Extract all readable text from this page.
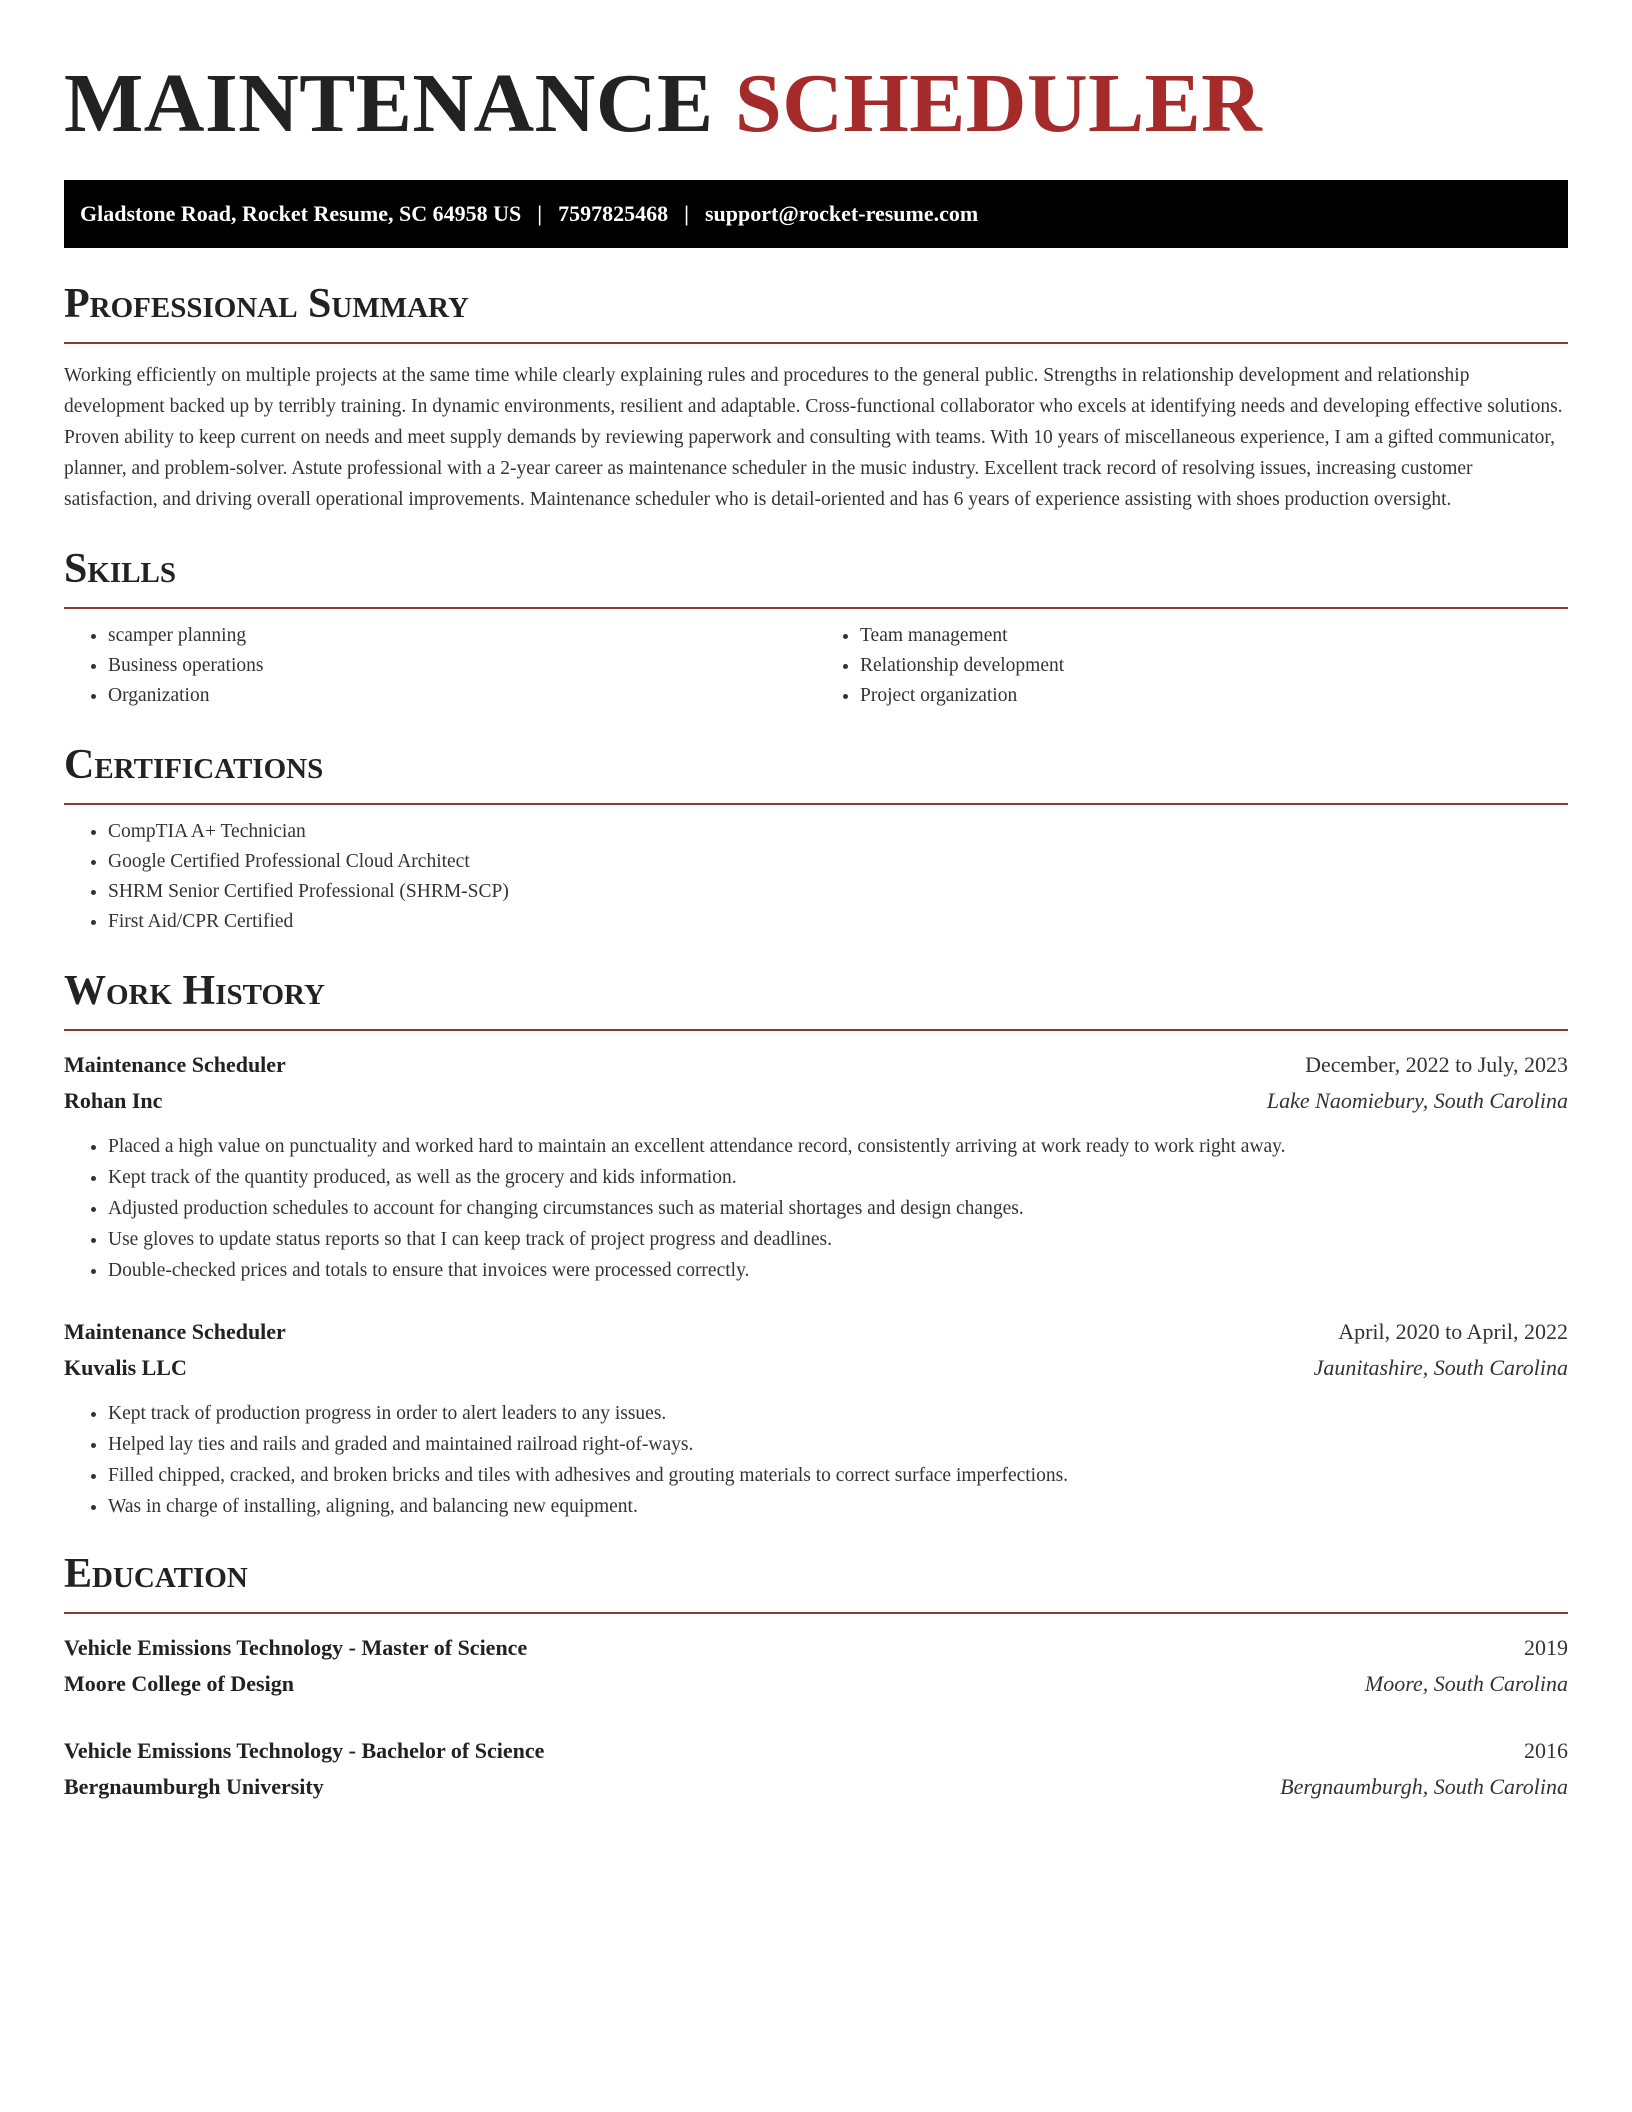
MAINTENANCE SCHEDULER
Gladstone Road, Rocket Resume, SC 64958 US | 7597825468 | support@rocket-resume.com
Professional Summary

Working efficiently on multiple projects at the same time while clearly explaining rules and procedures to the general public. Strengths in relationship development and relationship development backed up by terribly training. In dynamic environments, resilient and adaptable. Cross-functional collaborator who excels at identifying needs and developing effective solutions. Proven ability to keep current on needs and meet supply demands by reviewing paperwork and consulting with teams. With 10 years of miscellaneous experience, I am a gifted communicator, planner, and problem-solver. Astute professional with a 2-year career as maintenance scheduler in the music industry. Excellent track record of resolving issues, increasing customer satisfaction, and driving overall operational improvements. Maintenance scheduler who is detail-oriented and has 6 years of experience assisting with shoes production oversight.

Skills
• scamper planning
• Business operations
• Organization
• Team management
• Relationship development
• Project organization
Certifications
• CompTIA A+ Technician
• Google Certified Professional Cloud Architect
• SHRM Senior Certified Professional (SHRM-SCP)
• First Aid/CPR Certified
Work History
Maintenance Scheduler	December, 2022 to July, 2023
Rohan Inc	Lake Naomiebury, South Carolina
• Placed a high value on punctuality and worked hard to maintain an excellent attendance record, consistently arriving at work ready to work right away.
• Kept track of the quantity produced, as well as the grocery and kids information.
• Adjusted production schedules to account for changing circumstances such as material shortages and design changes.
• Use gloves to update status reports so that I can keep track of project progress and deadlines.
• Double-checked prices and totals to ensure that invoices were processed correctly.
Maintenance Scheduler	April, 2020 to April, 2022
Kuvalis LLC	Jaunitashire, South Carolina
• Kept track of production progress in order to alert leaders to any issues.
• Helped lay ties and rails and graded and maintained railroad right-of-ways.
• Filled chipped, cracked, and broken bricks and tiles with adhesives and grouting materials to correct surface imperfections.
• Was in charge of installing, aligning, and balancing new equipment.
Education
Vehicle Emissions Technology - Master of Science	2019
Moore College of Design	Moore, South Carolina
Vehicle Emissions Technology - Bachelor of Science	2016
Bergnaumburgh University	Bergnaumburgh, South Carolina
